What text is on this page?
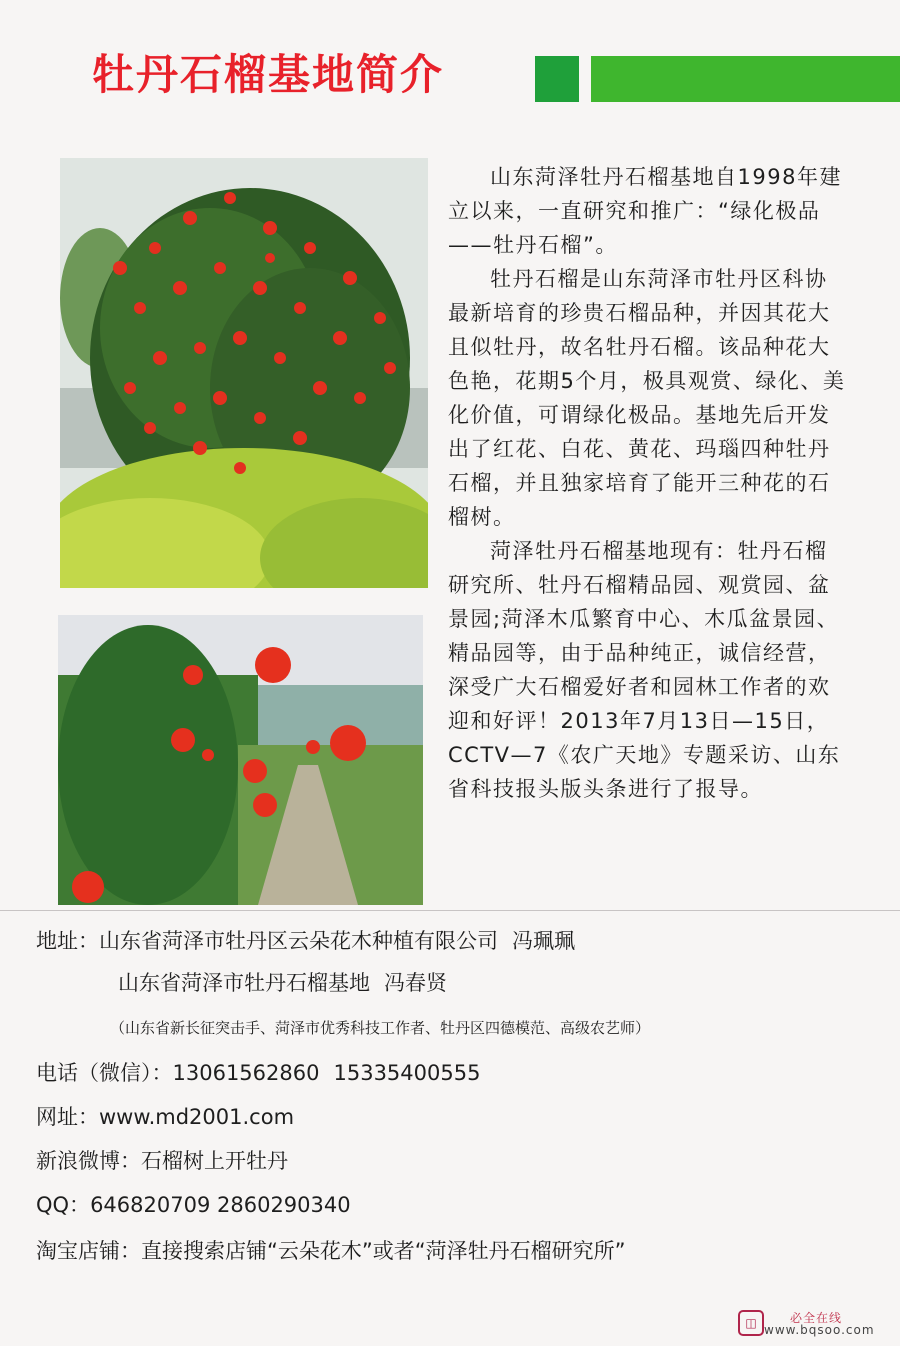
牡丹石榴基地简介

山东菏泽牡丹石榴基地自1998年建立以来，一直研究和推广：“绿化极品——牡丹石榴”。

牡丹石榴是山东菏泽市牡丹区科协最新培育的珍贵石榴品种，并因其花大且似牡丹，故名牡丹石榴。该品种花大色艳，花期5个月，极具观赏、绿化、美化价值，可谓绿化极品。基地先后开发出了红花、白花、黄花、玛瑙四种牡丹石榴，并且独家培育了能开三种花的石榴树。

菏泽牡丹石榴基地现有：牡丹石榴研究所、牡丹石榴精品园、观赏园、盆景园;菏泽木瓜繁育中心、木瓜盆景园、精品园等，由于品种纯正，诚信经营，深受广大石榴爱好者和园林工作者的欢迎和好评！2013年7月13日—15日，CCTV—7《农广天地》专题采访、山东省科技报头版头条进行了报导。

地址：山东省菏泽市牡丹区云朵花木种植有限公司 冯珮珮
山东省菏泽市牡丹石榴基地 冯春贤
（山东省新长征突击手、菏泽市优秀科技工作者、牡丹区四德模范、高级农艺师）
电话（微信）：13061562860 15335400555
网址：www.md2001.com
新浪微博：石榴树上开牡丹
QQ：646820709 2860290340
淘宝店铺：直接搜索店铺“云朵花木”或者“菏泽牡丹石榴研究所”
◫	必全在线
www.bqsoo.com
